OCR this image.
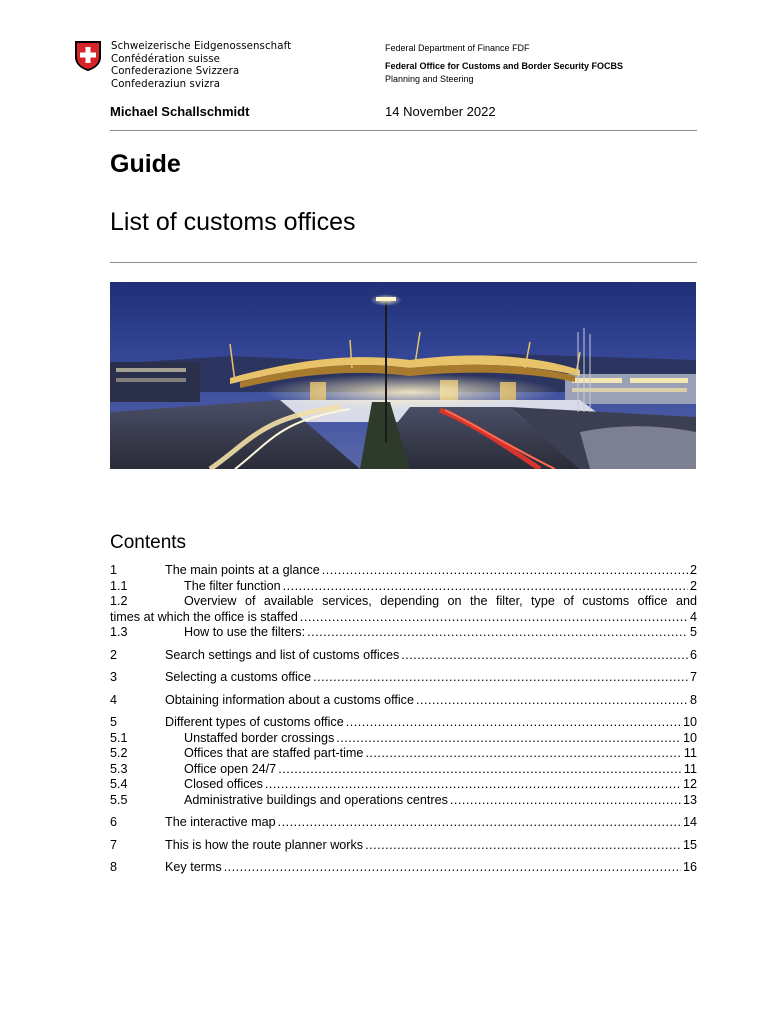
Schweizerische Eidgenossenschaft
Confédération suisse
Confederazione Svizzera
Confederaziun svizra
Federal Department of Finance FDF
Federal Office for Customs and Border Security FOCBS
Planning and Steering
Michael Schallschmidt	14 November 2022
Guide
List of customs offices
Contents
1	The main points at a glance .....	2
1.1	The filter function .....	2
1.2	Overview of available services, depending on the filter, type of customs office and
times at which the office is staffed .....	4
1.3	How to use the filters: .....	5
2	Search settings and list of customs offices .....	6
3	Selecting a customs office .....	7
4	Obtaining information about a customs office .....	8
5	Different types of customs office .....	10
5.1	Unstaffed border crossings .....	10
5.2	Offices that are staffed part-time .....	11
5.3	Office open 24/7 .....	11
5.4	Closed offices .....	12
5.5	Administrative buildings and operations centres .....	13
6	The interactive map .....	14
7	This is how the route planner works .....	15
8	Key terms .....	16
